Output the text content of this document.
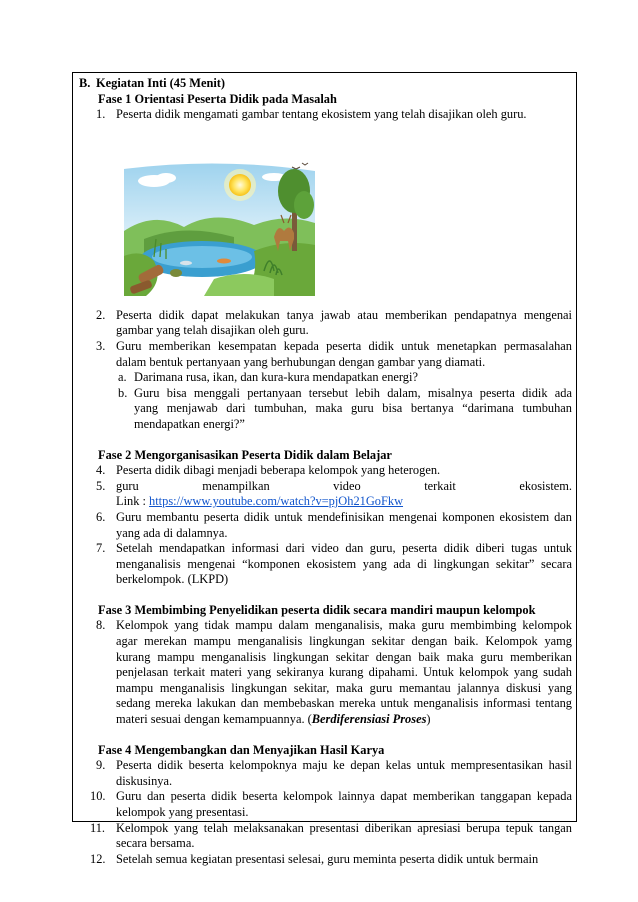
B. Kegiatan Inti (45 Menit)
Fase 1 Orientasi Peserta Didik pada Masalah
1. Peserta didik mengamati gambar tentang ekosistem yang telah disajikan oleh guru.
2. Peserta didik dapat melakukan tanya jawab atau memberikan pendapatnya mengenai
gambar yang telah disajikan oleh guru.
3. Guru memberikan kesempatan kepada peserta didik untuk menetapkan permasalahan
dalam bentuk pertanyaan yang berhubungan dengan gambar yang diamati.
a. Darimana rusa, ikan, dan kura-kura mendapatkan energi?
b. Guru bisa menggali pertanyaan tersebut lebih dalam, misalnya peserta didik ada
yang menjawab dari tumbuhan, maka guru bisa bertanya “darimana tumbuhan
mendapatkan energi?”
Fase 2 Mengorganisasikan Peserta Didik dalam Belajar
4. Peserta didik dibagi menjadi beberapa kelompok yang heterogen.
5. guru menampilkan video terkait ekosistem.
Link : https://www.youtube.com/watch?v=pjOh21GoFkw
6. Guru membantu peserta didik untuk mendefinisikan mengenai komponen ekosistem dan
yang ada di dalamnya.
7. Setelah mendapatkan informasi dari video dan guru, peserta didik diberi tugas untuk
menganalisis mengenai “komponen ekosistem yang ada di lingkungan sekitar” secara
berkelompok. (LKPD)
Fase 3 Membimbing Penyelidikan peserta didik secara mandiri maupun kelompok
8. Kelompok yang tidak mampu dalam menganalisis, maka guru membimbing kelompok
agar merekan mampu menganalisis lingkungan sekitar dengan baik. Kelompok yamg
kurang mampu menganalisis lingkungan sekitar dengan baik maka guru memberikan
penjelasan terkait materi yang sekiranya kurang dipahami. Untuk kelompok yang sudah
mampu menganalisis lingkungan sekitar, maka guru memantau jalannya diskusi yang
sedang mereka lakukan dan membebaskan mereka untuk menganalisis informasi tentang
materi sesuai dengan kemampuannya. (Berdiferensiasi Proses)
Fase 4 Mengembangkan dan Menyajikan Hasil Karya
9. Peserta didik beserta kelompoknya maju ke depan kelas untuk mempresentasikan hasil
diskusinya.
10. Guru dan peserta didik beserta kelompok lainnya dapat memberikan tanggapan kepada
kelompok yang presentasi.
11. Kelompok yang telah melaksanakan presentasi diberikan apresiasi berupa tepuk tangan
secara bersama.
12. Setelah semua kegiatan presentasi selesai, guru meminta peserta didik untuk bermain
